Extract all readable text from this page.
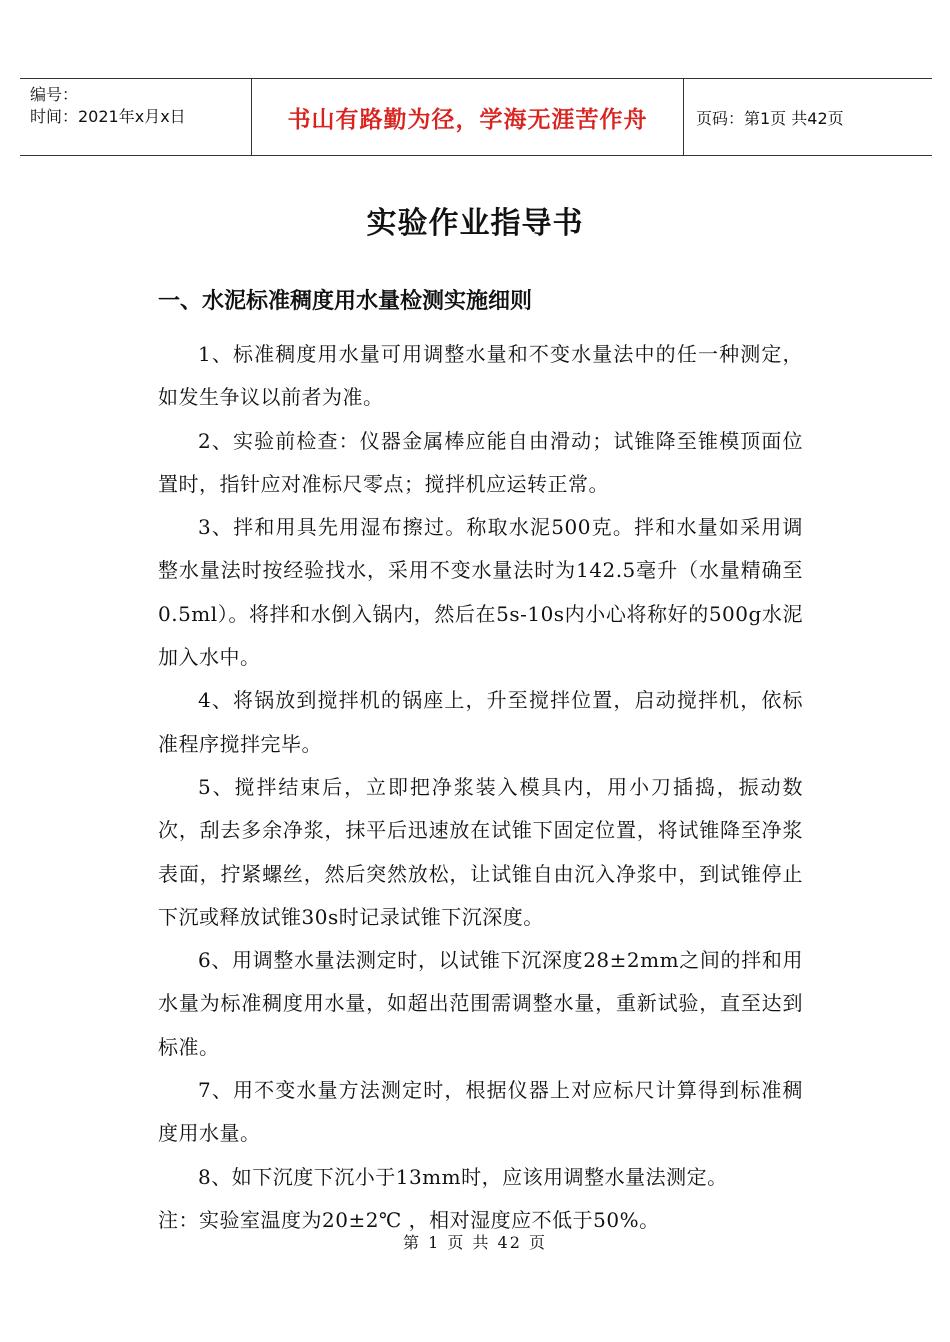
编号：
时间：2021年x月x日	书山有路勤为径，学海无涯苦作舟	页码：第1页 共42页
实验作业指导书
一、水泥标准稠度用水量检测实施细则

1、标准稠度用水量可用调整水量和不变水量法中的任一种测定，如发生争议以前者为准。

2、实验前检查：仪器金属棒应能自由滑动；试锥降至锥模顶面位置时，指针应对准标尺零点；搅拌机应运转正常。

3、拌和用具先用湿布擦过。称取水泥500克。拌和水量如采用调整水量法时按经验找水，采用不变水量法时为142.5毫升（水量精确至0.5ml）。将拌和水倒入锅内，然后在5s-10s内小心将称好的500g水泥加入水中。

4、将锅放到搅拌机的锅座上，升至搅拌位置，启动搅拌机，依标准程序搅拌完毕。

5、搅拌结束后，立即把净浆装入模具内，用小刀插捣，振动数次，刮去多余净浆，抹平后迅速放在试锥下固定位置，将试锥降至净浆表面，拧紧螺丝，然后突然放松，让试锥自由沉入净浆中，到试锥停止下沉或释放试锥30s时记录试锥下沉深度。

6、用调整水量法测定时，以试锥下沉深度28±2mm之间的拌和用水量为标准稠度用水量，如超出范围需调整水量，重新试验，直至达到标准。

7、用不变水量方法测定时，根据仪器上对应标尺计算得到标准稠度用水量。

8、如下沉度下沉小于13mm时，应该用调整水量法测定。

注：实验室温度为20±2℃ ，相对湿度应不低于50%。

第 1 页 共 42 页
